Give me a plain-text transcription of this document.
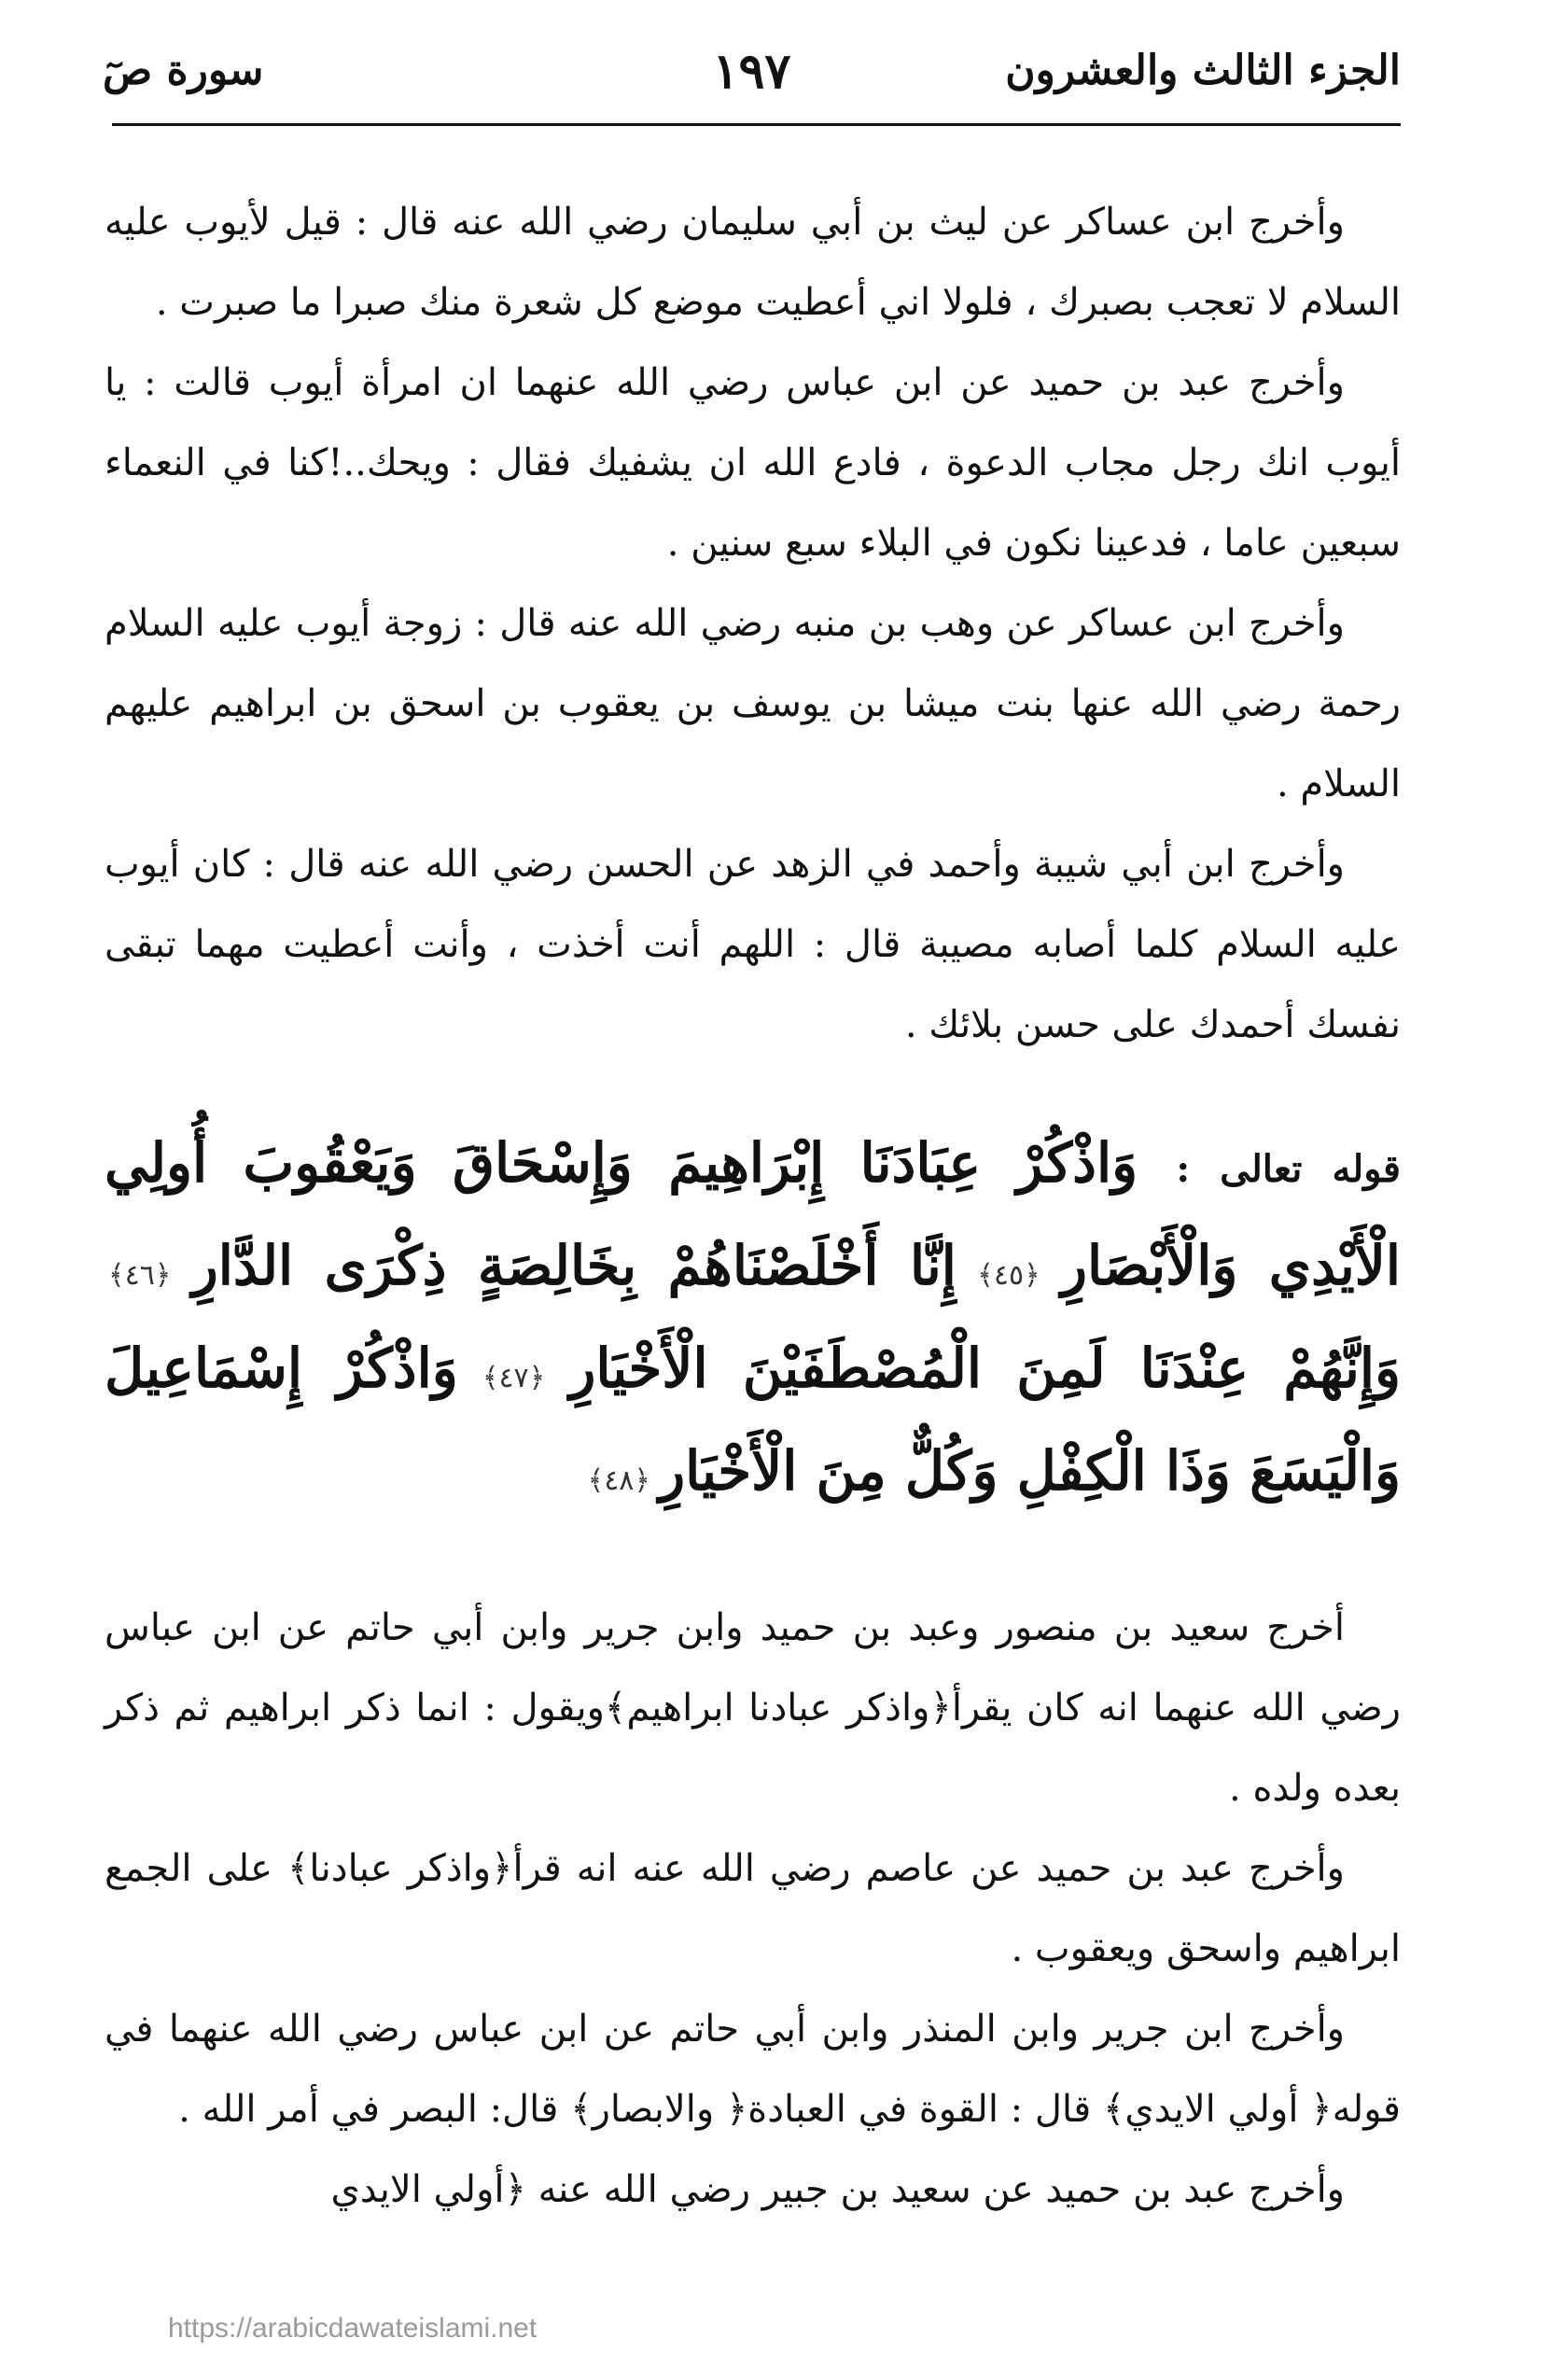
الجزء الثالث والعشرون
١٩٧
سورة صٓ

وأخرج ابن عساكر عن ليث بن أبي سليمان رضي الله عنه قال : قيل لأيوب عليه السلام لا تعجب بصبرك ، فلولا اني أعطيت موضع كل شعرة منك صبرا ما صبرت .

وأخرج عبد بن حميد عن ابن عباس رضي الله عنهما ان امرأة أيوب قالت : يا أيوب انك رجل مجاب الدعوة ، فادع الله ان يشفيك فقال : ويحك..!كنا في النعماء سبعين عاما ، فدعينا نكون في البلاء سبع سنين .

وأخرج ابن عساكر عن وهب بن منبه رضي الله عنه قال : زوجة أيوب عليه السلام رحمة رضي الله عنها بنت ميشا بن يوسف بن يعقوب بن اسحق بن ابراهيم عليهم السلام .

وأخرج ابن أبي شيبة وأحمد في الزهد عن الحسن رضي الله عنه قال : كان أيوب عليه السلام كلما أصابه مصيبة قال : اللهم أنت أخذت ، وأنت أعطيت مهما تبقى نفسك أحمدك على حسن بلائك .

قوله تعالى : وَاذْكُرْ عِبَادَنَا إِبْرَاهِيمَ وَإِسْحَاقَ وَيَعْقُوبَ أُولِي الْأَيْدِي وَالْأَبْصَارِ ﴿٤٥﴾ إِنَّا أَخْلَصْنَاهُمْ بِخَالِصَةٍ ذِكْرَى الدَّارِ ﴿٤٦﴾ وَإِنَّهُمْ عِنْدَنَا لَمِنَ الْمُصْطَفَيْنَ الْأَخْيَارِ ﴿٤٧﴾ وَاذْكُرْ إِسْمَاعِيلَ وَالْيَسَعَ وَذَا الْكِفْلِ وَكُلٌّ مِنَ الْأَخْيَارِ ﴿٤٨﴾

أخرج سعيد بن منصور وعبد بن حميد وابن جرير وابن أبي حاتم عن ابن عباس رضي الله عنهما انه كان يقرأ﴿واذكر عبادنا ابراهيم﴾ويقول : انما ذكر ابراهيم ثم ذكر بعده ولده .

وأخرج عبد بن حميد عن عاصم رضي الله عنه انه قرأ﴿واذكر عبادنا﴾ على الجمع ابراهيم واسحق ويعقوب .

وأخرج ابن جرير وابن المنذر وابن أبي حاتم عن ابن عباس رضي الله عنهما في قوله﴿ أولي الايدي﴾ قال : القوة في العبادة﴿ والابصار﴾ قال: البصر في أمر الله .

وأخرج عبد بن حميد عن سعيد بن جبير رضي الله عنه ﴿أولي الايدي

https://arabicdawateislami.net
